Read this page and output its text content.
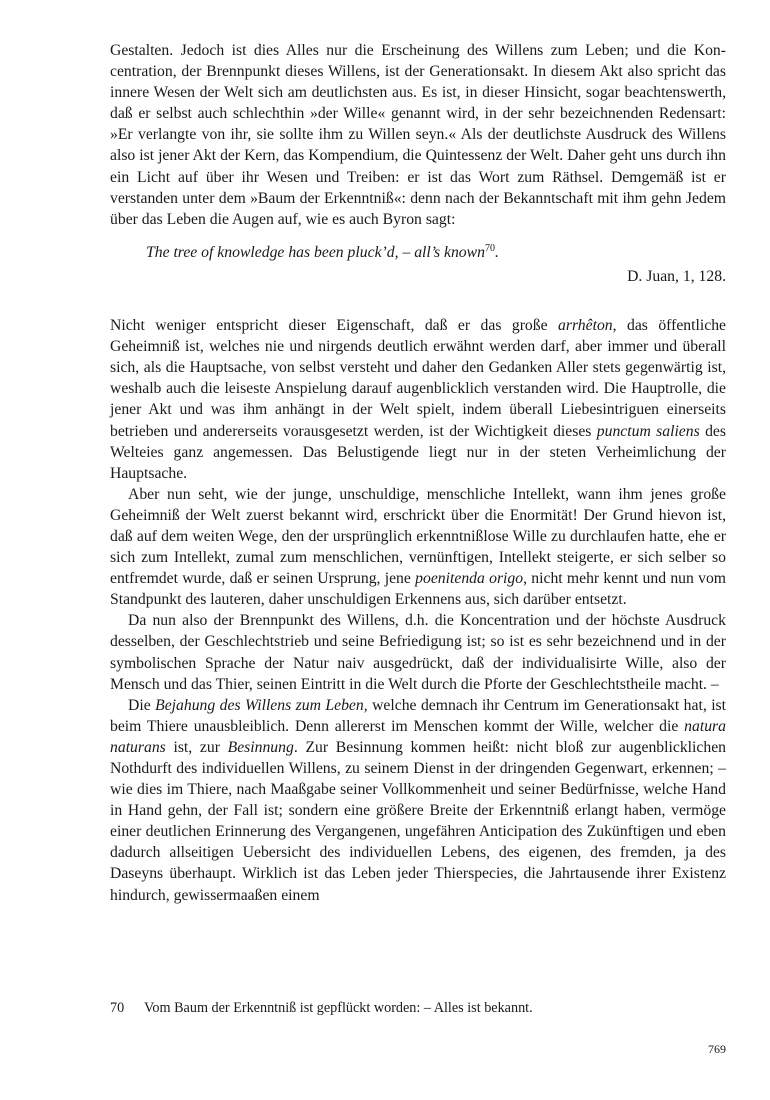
Gestalten. Jedoch ist dies Alles nur die Erscheinung des Willens zum Leben; und die Koncentration, der Brennpunkt dieses Willens, ist der Generationsakt. In diesem Akt also spricht das innere Wesen der Welt sich am deutlichsten aus. Es ist, in dieser Hinsicht, sogar beachtenswerth, daß er selbst auch schlechthin »der Wille« genannt wird, in der sehr bezeichnenden Redensart: »Er verlangte von ihr, sie sollte ihm zu Willen seyn.« Als der deutlichste Ausdruck des Willens also ist jener Akt der Kern, das Kompendium, die Quintessenz der Welt. Daher geht uns durch ihn ein Licht auf über ihr Wesen und Treiben: er ist das Wort zum Räthsel. Demgemäß ist er verstanden unter dem »Baum der Erkenntniß«: denn nach der Bekanntschaft mit ihm gehn Jedem über das Leben die Augen auf, wie es auch Byron sagt:

The tree of knowledge has been pluck’d, – all’s known$^{70}$.
D. Juan, 1, 128.

Nicht weniger entspricht dieser Eigenschaft, daß er das große arrhêton, das öffentliche Geheimniß ist, welches nie und nirgends deutlich erwähnt werden darf, aber immer und überall sich, als die Hauptsache, von selbst versteht und daher den Gedanken Aller stets gegenwärtig ist, weshalb auch die leiseste Anspielung darauf augenblicklich verstanden wird. Die Hauptrolle, die jener Akt und was ihm anhängt in der Welt spielt, indem überall Liebesintriguen einerseits betrieben und andererseits vorausgesetzt werden, ist der Wichtigkeit dieses punctum saliens des Welteies ganz angemessen. Das Belustigende liegt nur in der steten Verheimlichung der Hauptsache.

Aber nun seht, wie der junge, unschuldige, menschliche Intellekt, wann ihm jenes große Geheimniß der Welt zuerst bekannt wird, erschrickt über die Enormität! Der Grund hievon ist, daß auf dem weiten Wege, den der ursprünglich erkenntnißlose Wille zu durchlaufen hatte, ehe er sich zum Intellekt, zumal zum menschlichen, vernünftigen, Intellekt steigerte, er sich selber so entfremdet wurde, daß er seinen Ursprung, jene poenitenda origo, nicht mehr kennt und nun vom Standpunkt des lauteren, daher unschuldigen Erkennens aus, sich darüber entsetzt.

Da nun also der Brennpunkt des Willens, d.h. die Koncentration und der höchste Ausdruck desselben, der Geschlechtstrieb und seine Befriedigung ist; so ist es sehr bezeichnend und in der symbolischen Sprache der Natur naiv ausgedrückt, daß der individualisirte Wille, also der Mensch und das Thier, seinen Eintritt in die Welt durch die Pforte der Geschlechtstheile macht. –

Die Bejahung des Willens zum Leben, welche demnach ihr Centrum im Generationsakt hat, ist beim Thiere unausbleiblich. Denn allererst im Menschen kommt der Wille, welcher die natura naturans ist, zur Besinnung. Zur Besinnung kommen heißt: nicht bloß zur augenblicklichen Nothdurft des individuellen Willens, zu seinem Dienst in der dringenden Gegenwart, erkennen; – wie dies im Thiere, nach Maaßgabe seiner Vollkommenheit und seiner Bedürfnisse, welche Hand in Hand gehn, der Fall ist; sondern eine größere Breite der Erkenntniß erlangt haben, vermöge einer deutlichen Erinnerung des Vergangenen, ungefähren Anticipation des Zukünftigen und eben dadurch allseitigen Uebersicht des individuellen Lebens, des eigenen, des fremden, ja des Daseyns überhaupt. Wirklich ist das Leben jeder Thierspecies, die Jahrtausende ihrer Existenz hindurch, gewissermaaßen einem

70 Vom Baum der Erkenntniß ist gepflückt worden: – Alles ist bekannt.
769
